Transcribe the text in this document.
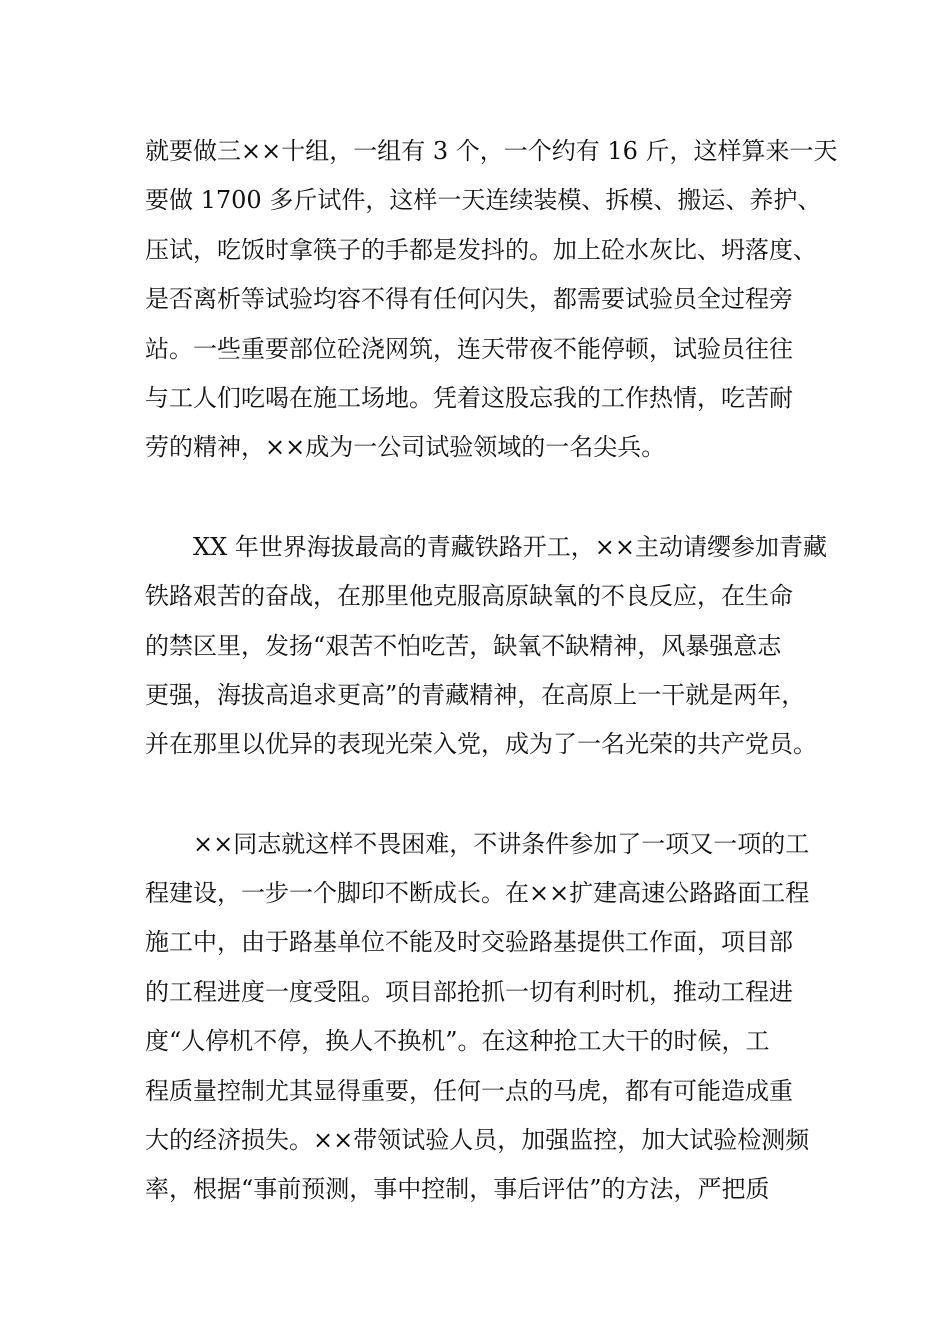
就要做三××十组，一组有 3 个，一个约有 16 斤，这样算来一天
要做 1700 多斤试件，这样一天连续装模、拆模、搬运、养护、
压试，吃饭时拿筷子的手都是发抖的。加上砼水灰比、坍落度、
是否离析等试验均容不得有任何闪失，都需要试验员全过程旁
站。一些重要部位砼浇网筑，连天带夜不能停顿，试验员往往
与工人们吃喝在施工场地。凭着这股忘我的工作热情，吃苦耐
劳的精神，××成为一公司试验领域的一名尖兵。
XX 年世界海拔最高的青藏铁路开工，××主动请缨参加青藏
铁路艰苦的奋战，在那里他克服高原缺氧的不良反应，在生命
的禁区里，发扬“艰苦不怕吃苦，缺氧不缺精神，风暴强意志
更强，海拔高追求更高”的青藏精神，在高原上一干就是两年，
并在那里以优异的表现光荣入党，成为了一名光荣的共产党员。
××同志就这样不畏困难，不讲条件参加了一项又一项的工
程建设，一步一个脚印不断成长。在××扩建高速公路路面工程
施工中，由于路基单位不能及时交验路基提供工作面，项目部
的工程进度一度受阻。项目部抢抓一切有利时机，推动工程进
度“人停机不停，换人不换机”。在这种抢工大干的时候，工
程质量控制尤其显得重要，任何一点的马虎，都有可能造成重
大的经济损失。××带领试验人员，加强监控，加大试验检测频
率，根据“事前预测，事中控制，事后评估”的方法，严把质
